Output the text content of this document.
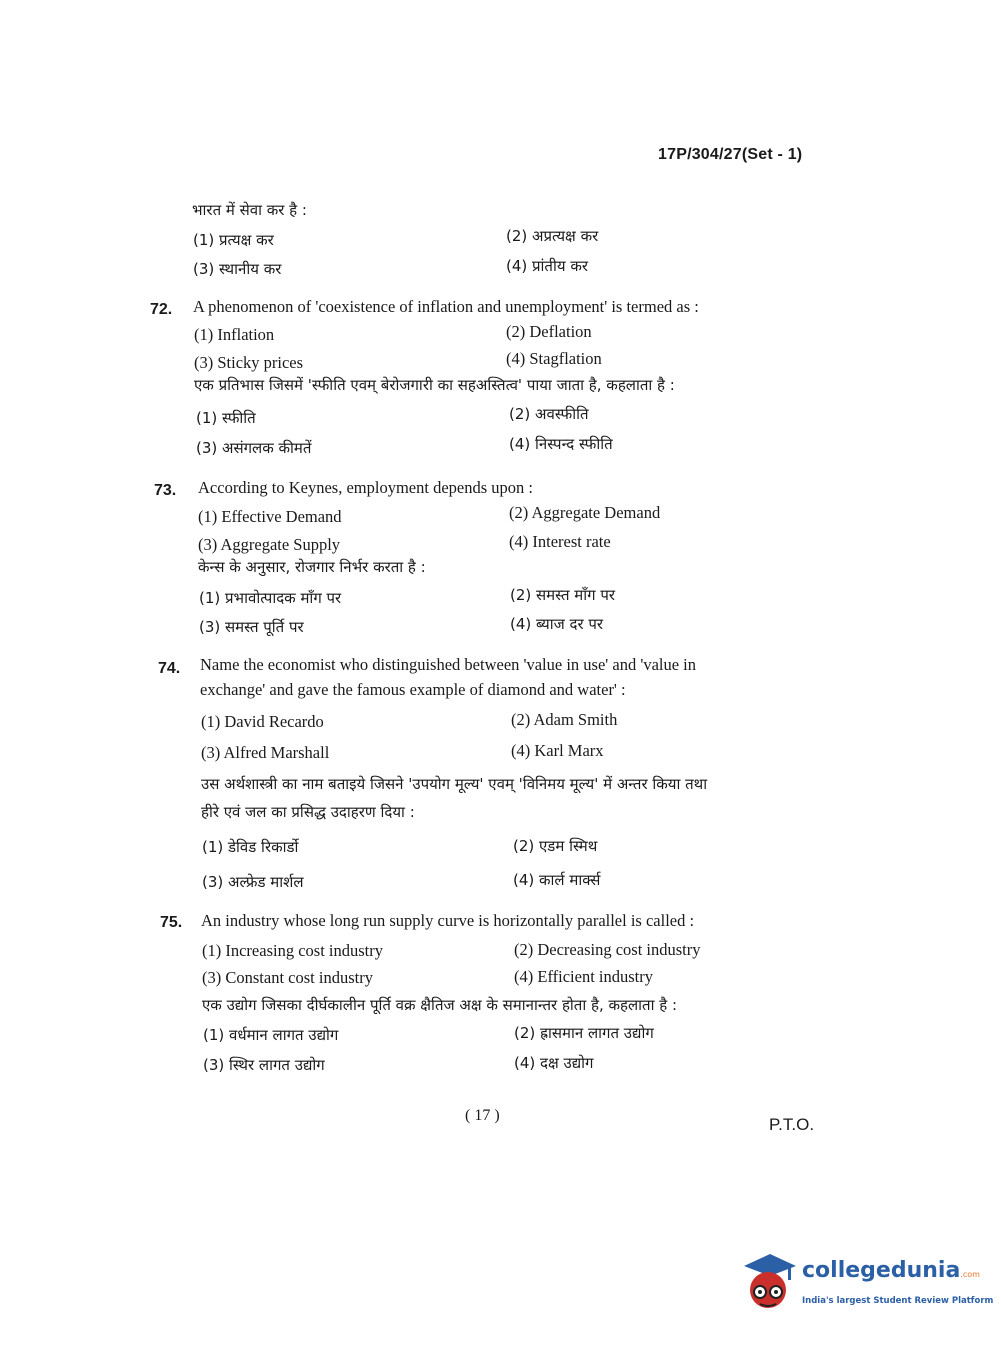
17P/304/27(Set - 1)
भारत में सेवा कर है :
(1) प्रत्यक्ष कर	(2) अप्रत्यक्ष कर
(3) स्थानीय कर	(4) प्रांतीय कर
72. A phenomenon of 'coexistence of inflation and unemployment' is termed as :
(1) Inflation	(2) Deflation
(3) Sticky prices	(4) Stagflation
एक प्रतिभास जिसमें 'स्फीति एवम् बेरोजगारी का सहअस्तित्व' पाया जाता है, कहलाता है :
(1) स्फीति	(2) अवस्फीति
(3) असंगलक कीमतें	(4) निस्पन्द स्फीति
73. According to Keynes, employment depends upon :
(1) Effective Demand	(2) Aggregate Demand
(3) Aggregate Supply	(4) Interest rate
केन्स के अनुसार, रोजगार निर्भर करता है :
(1) प्रभावोत्पादक माँग पर	(2) समस्त माँग पर
(3) समस्त पूर्ति पर	(4) ब्याज दर पर
74. Name the economist who distinguished between 'value in use' and 'value in
exchange' and gave the famous example of diamond and water' :
(1) David Recardo	(2) Adam Smith
(3) Alfred Marshall	(4) Karl Marx
उस अर्थशास्त्री का नाम बताइये जिसने 'उपयोग मूल्य' एवम् 'विनिमय मूल्य' में अन्तर किया तथा
हीरे एवं जल का प्रसिद्ध उदाहरण दिया :
(1) डेविड रिकार्डो	(2) एडम स्मिथ
(3) अल्फ्रेड मार्शल	(4) कार्ल मार्क्स
75. An industry whose long run supply curve is horizontally parallel is called :
(1) Increasing cost industry	(2) Decreasing cost industry
(3) Constant cost industry	(4) Efficient industry
एक उद्योग जिसका दीर्घकालीन पूर्ति वक्र क्षैतिज अक्ष के समानान्तर होता है, कहलाता है :
(1) वर्धमान लागत उद्योग	(2) ह्रासमान लागत उद्योग
(3) स्थिर लागत उद्योग	(4) दक्ष उद्योग
( 17 )	P.T.O.
collegedunia.com
India's largest Student Review Platform
